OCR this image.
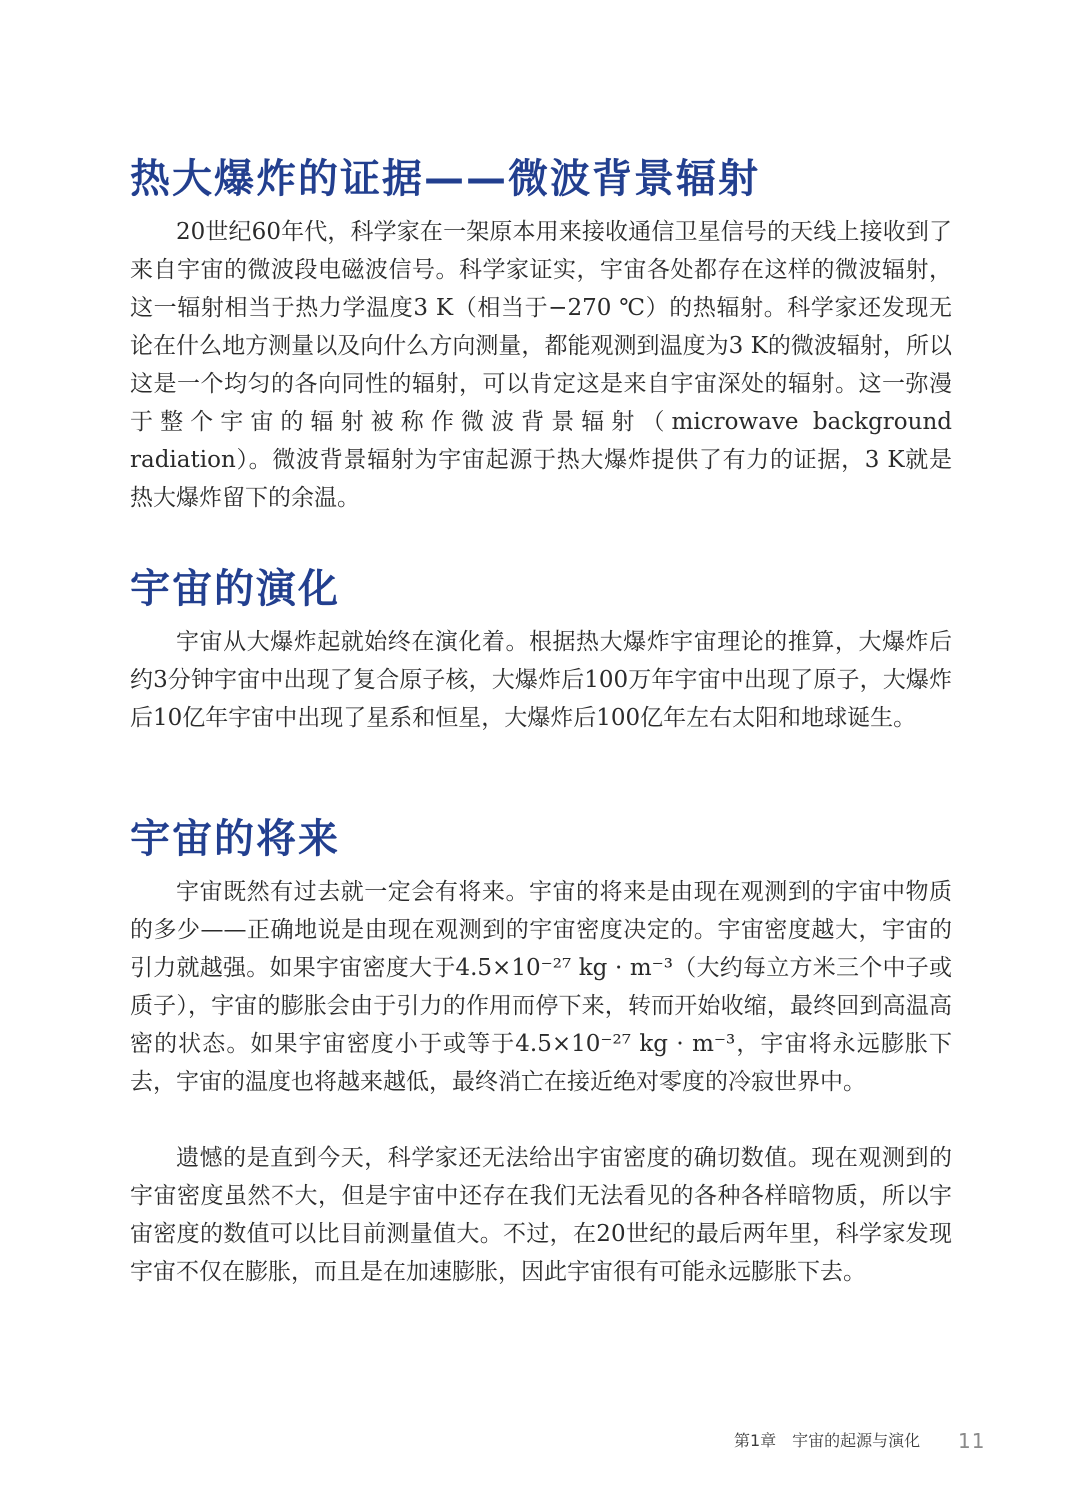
热大爆炸的证据——微波背景辐射

20世纪60年代，科学家在一架原本用来接收通信卫星信号的天线上接收到了来自宇宙的微波段电磁波信号。科学家证实，宇宙各处都存在这样的微波辐射，这一辐射相当于热力学温度3 K（相当于−270 ℃）的热辐射。科学家还发现无论在什么地方测量以及向什么方向测量，都能观测到温度为3 K的微波辐射，所以这是一个均匀的各向同性的辐射，可以肯定这是来自宇宙深处的辐射。这一弥漫于整个宇宙的辐射被称作微波背景辐射（microwave background radiation）。微波背景辐射为宇宙起源于热大爆炸提供了有力的证据，3 K就是热大爆炸留下的余温。

宇宙的演化

宇宙从大爆炸起就始终在演化着。根据热大爆炸宇宙理论的推算，大爆炸后约3分钟宇宙中出现了复合原子核，大爆炸后100万年宇宙中出现了原子，大爆炸后10亿年宇宙中出现了星系和恒星，大爆炸后100亿年左右太阳和地球诞生。

宇宙的将来

宇宙既然有过去就一定会有将来。宇宙的将来是由现在观测到的宇宙中物质的多少——正确地说是由现在观测到的宇宙密度决定的。宇宙密度越大，宇宙的引力就越强。如果宇宙密度大于4.5×10⁻²⁷ kg · m⁻³（大约每立方米三个中子或质子），宇宙的膨胀会由于引力的作用而停下来，转而开始收缩，最终回到高温高密的状态。如果宇宙密度小于或等于4.5×10⁻²⁷ kg · m⁻³，宇宙将永远膨胀下去，宇宙的温度也将越来越低，最终消亡在接近绝对零度的冷寂世界中。

遗憾的是直到今天，科学家还无法给出宇宙密度的确切数值。现在观测到的宇宙密度虽然不大，但是宇宙中还存在我们无法看见的各种各样暗物质，所以宇宙密度的数值可以比目前测量值大。不过，在20世纪的最后两年里，科学家发现宇宙不仅在膨胀，而且是在加速膨胀，因此宇宙很有可能永远膨胀下去。

第1章　宇宙的起源与演化 11
